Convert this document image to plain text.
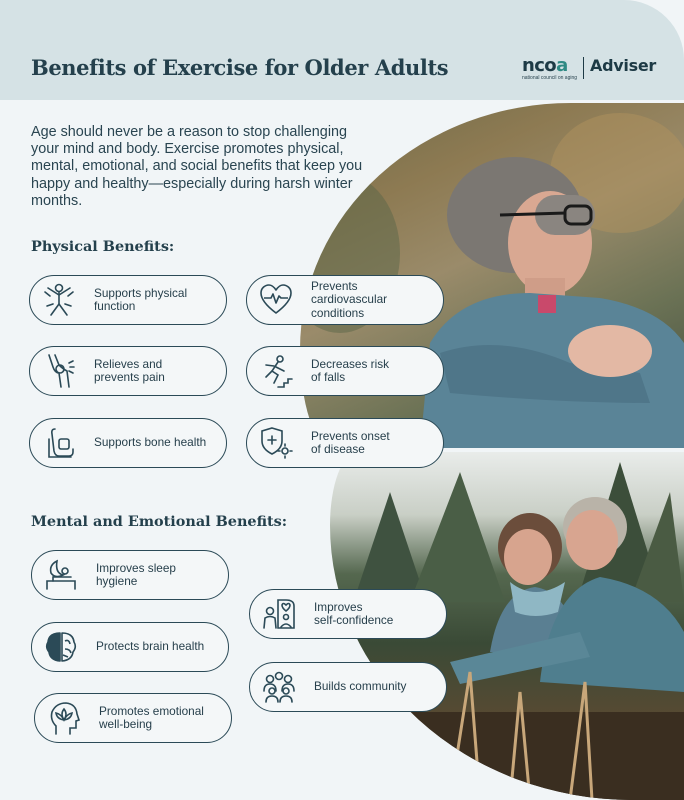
Benefits of Exercise for Older Adults	ncoa
national council on aging
Adviser

Age should never be a reason to stop challenging your mind and body. Exercise promotes physical, mental, emotional, and social benefits that keep you happy and healthy—especially during harsh winter months.

Physical Benefits:
Supports physical
function
Prevents
cardiovascular
conditions
Relieves and
prevents pain
Decreases risk
of falls
Supports bone health	Prevents onset
of disease
Mental and Emotional Benefits:
Improves sleep
hygiene
Protects brain health
Promotes emotional
well-being
Improves
self-confidence
Builds community
